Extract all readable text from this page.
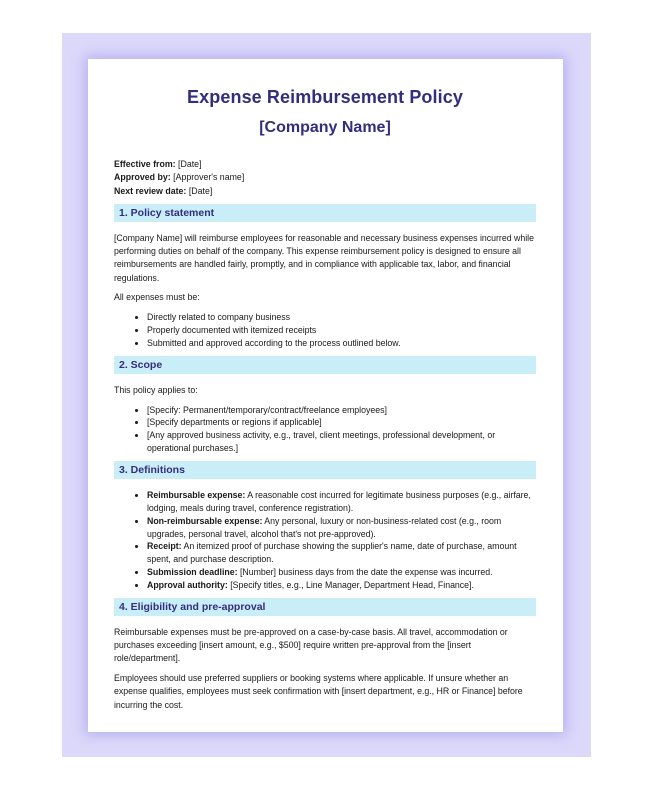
Expense Reimbursement Policy
[Company Name]

Effective from: [Date]

Approved by: [Approver's name]

Next review date: [Date]

1. Policy statement

[Company Name] will reimburse employees for reasonable and necessary business expenses incurred while performing duties on behalf of the company. This expense reimbursement policy is designed to ensure all reimbursements are handled fairly, promptly, and in compliance with applicable tax, labor, and financial regulations.

All expenses must be:

• Directly related to company business
• Properly documented with itemized receipts
• Submitted and approved according to the process outlined below.
2. Scope

This policy applies to:

• [Specify: Permanent/temporary/contract/freelance employees]
• [Specify departments or regions if applicable]
• [Any approved business activity, e.g., travel, client meetings, professional development, or operational purchases.]
3. Definitions
• Reimbursable expense: A reasonable cost incurred for legitimate business purposes (e.g., airfare, lodging, meals during travel, conference registration).
• Non-reimbursable expense: Any personal, luxury or non-business-related cost (e.g., room upgrades, personal travel, alcohol that's not pre-approved).
• Receipt: An itemized proof of purchase showing the supplier's name, date of purchase, amount spent, and purchase description.
• Submission deadline: [Number] business days from the date the expense was incurred.
• Approval authority: [Specify titles, e.g., Line Manager, Department Head, Finance].
4. Eligibility and pre-approval

Reimbursable expenses must be pre-approved on a case-by-case basis. All travel, accommodation or purchases exceeding [insert amount, e.g., $500] require written pre-approval from the [insert role/department].

Employees should use preferred suppliers or booking systems where applicable. If unsure whether an expense qualifies, employees must seek confirmation with [insert department, e.g., HR or Finance] before incurring the cost.
